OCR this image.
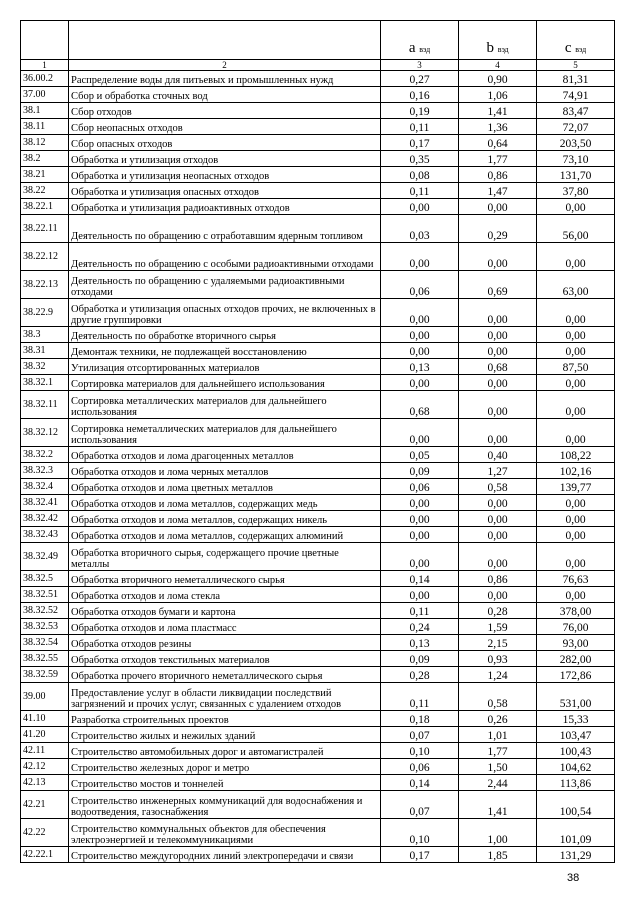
		a вэд	b вэд	c вэд
1	2	3	4	5
36.00.2	Распределение воды для питьевых и промышленных нужд	0,27	0,90	81,31
37.00	Сбор и обработка сточных вод	0,16	1,06	74,91
38.1	Сбор отходов	0,19	1,41	83,47
38.11	Сбор неопасных отходов	0,11	1,36	72,07
38.12	Сбор опасных отходов	0,17	0,64	203,50
38.2	Обработка и утилизация отходов	0,35	1,77	73,10
38.21	Обработка и утилизация неопасных отходов	0,08	0,86	131,70
38.22	Обработка и утилизация опасных отходов	0,11	1,47	37,80
38.22.1	Обработка и утилизация радиоактивных отходов	0,00	0,00	0,00
38.22.11	Деятельность по обращению с отработавшим ядерным топливом	0,03	0,29	56,00
38.22.12	Деятельность по обращению с особыми радиоактивными отходами	0,00	0,00	0,00
38.22.13	Деятельность по обращению с удаляемыми радиоактивными отходами	0,06	0,69	63,00
38.22.9	Обработка и утилизация опасных отходов прочих, не включенных в другие группировки	0,00	0,00	0,00
38.3	Деятельность по обработке вторичного сырья	0,00	0,00	0,00
38.31	Демонтаж техники, не подлежащей восстановлению	0,00	0,00	0,00
38.32	Утилизация отсортированных материалов	0,13	0,68	87,50
38.32.1	Сортировка материалов для дальнейшего использования	0,00	0,00	0,00
38.32.11	Сортировка металлических материалов для дальнейшего использования	0,68	0,00	0,00
38.32.12	Сортировка неметаллических материалов для дальнейшего использования	0,00	0,00	0,00
38.32.2	Обработка отходов и лома драгоценных металлов	0,05	0,40	108,22
38.32.3	Обработка отходов и лома черных металлов	0,09	1,27	102,16
38.32.4	Обработка отходов и лома цветных металлов	0,06	0,58	139,77
38.32.41	Обработка отходов и лома металлов, содержащих медь	0,00	0,00	0,00
38.32.42	Обработка отходов и лома металлов, содержащих никель	0,00	0,00	0,00
38.32.43	Обработка отходов и лома металлов, содержащих алюминий	0,00	0,00	0,00
38.32.49	Обработка вторичного сырья, содержащего прочие цветные металлы	0,00	0,00	0,00
38.32.5	Обработка вторичного неметаллического сырья	0,14	0,86	76,63
38.32.51	Обработка отходов и лома стекла	0,00	0,00	0,00
38.32.52	Обработка отходов бумаги и картона	0,11	0,28	378,00
38.32.53	Обработка отходов и лома пластмасс	0,24	1,59	76,00
38.32.54	Обработка отходов резины	0,13	2,15	93,00
38.32.55	Обработка отходов текстильных материалов	0,09	0,93	282,00
38.32.59	Обработка прочего вторичного неметаллического сырья	0,28	1,24	172,86
39.00	Предоставление услуг в области ликвидации последствий загрязнений и прочих услуг, связанных с удалением отходов	0,11	0,58	531,00
41.10	Разработка строительных проектов	0,18	0,26	15,33
41.20	Строительство жилых и нежилых зданий	0,07	1,01	103,47
42.11	Строительство автомобильных дорог и автомагистралей	0,10	1,77	100,43
42.12	Строительство железных дорог и метро	0,06	1,50	104,62
42.13	Строительство мостов и тоннелей	0,14	2,44	113,86
42.21	Строительство инженерных коммуникаций для водоснабжения и водоотведения, газоснабжения	0,07	1,41	100,54
42.22	Строительство коммунальных объектов для обеспечения электроэнергией и телекоммуникациями	0,10	1,00	101,09
42.22.1	Строительство междугородних линий электропередачи и связи	0,17	1,85	131,29
38
